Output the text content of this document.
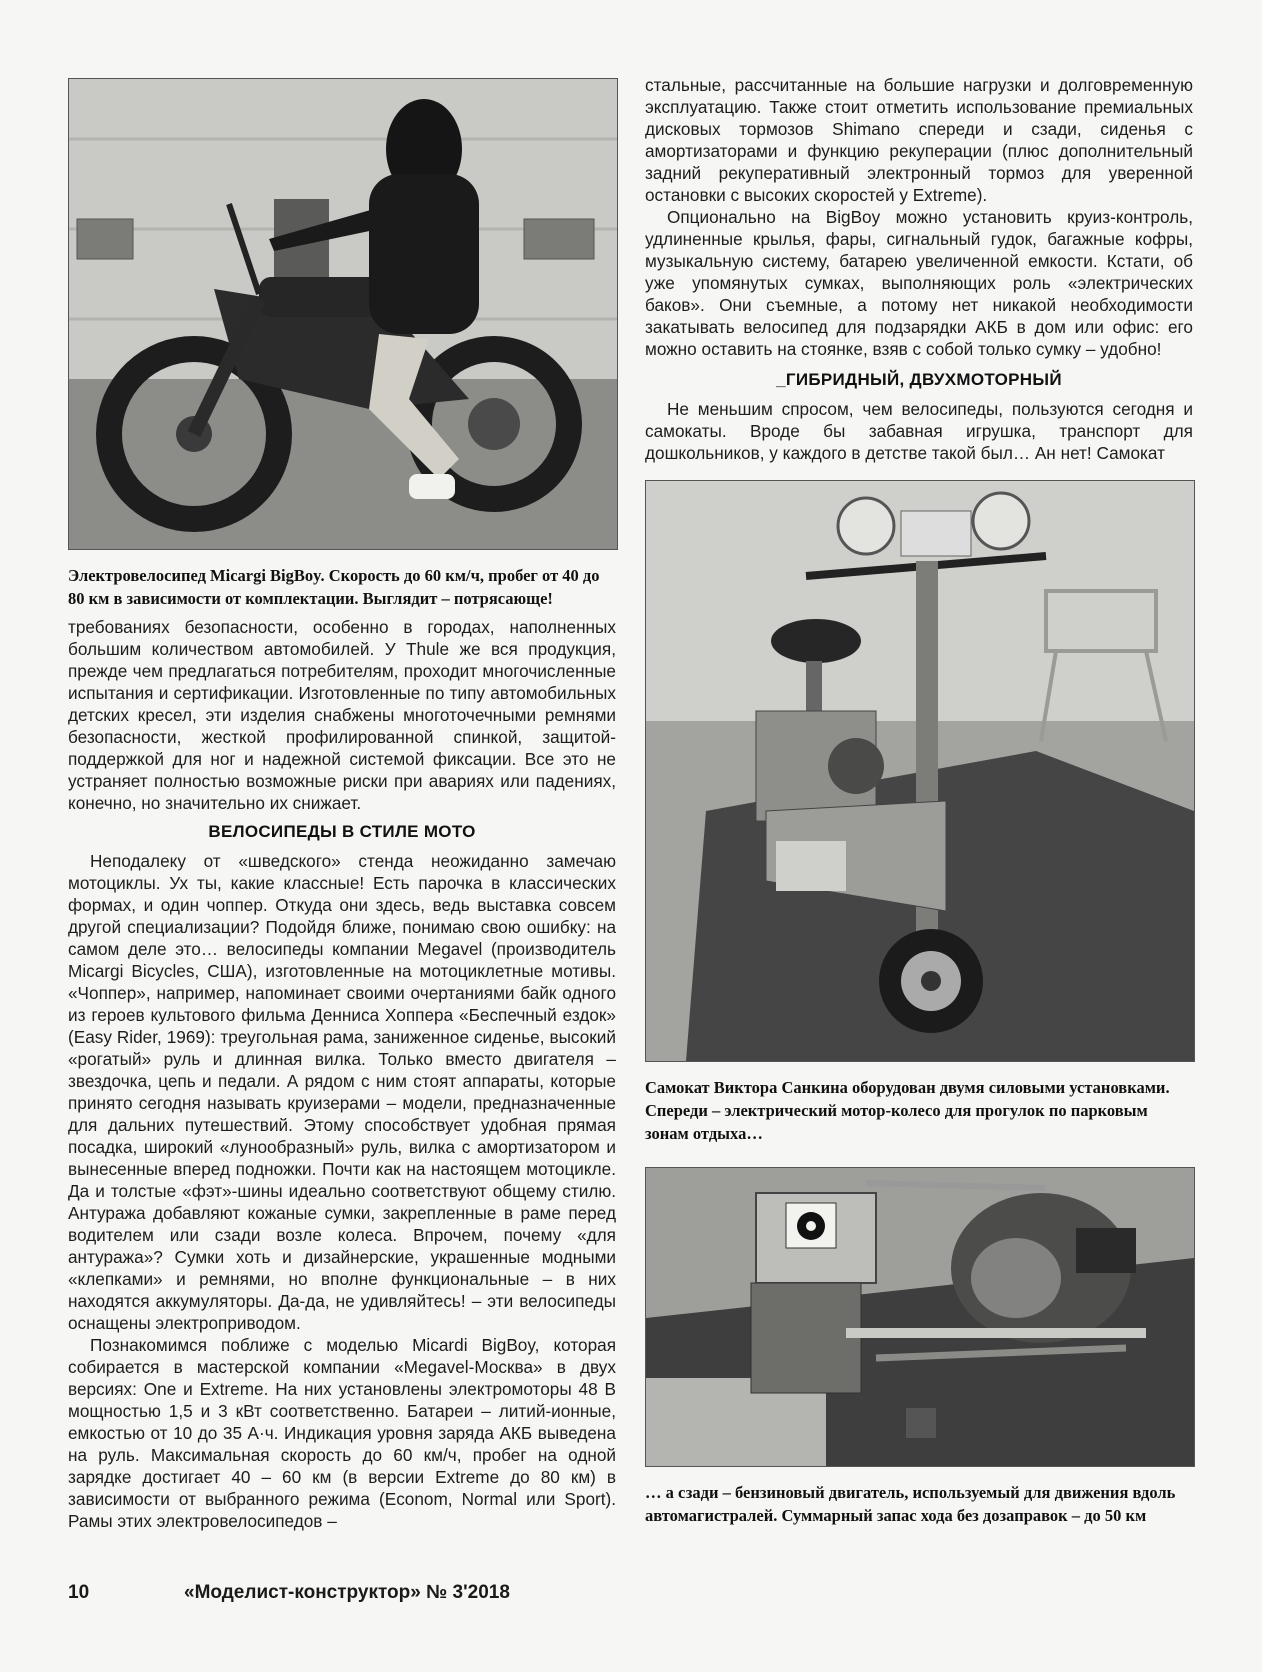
Электровелосипед Micargi BigBoy. Скорость до 60 км/ч, пробег от 40 до 80 км в зависимости от комплектации. Выглядит – потрясающе!

требованиях безопасности, особенно в городах, наполненных большим количеством автомобилей. У Thule же вся продукция, прежде чем предлагаться потребителям, проходит многочисленные испытания и сертификации. Изготовленные по типу автомобильных детских кресел, эти изделия снабжены многоточечными ремнями безопасности, жесткой профилированной спинкой, защитой-поддержкой для ног и надежной системой фиксации. Все это не устраняет полностью возможные риски при авариях или падениях, конечно, но значительно их снижает.

ВЕЛОСИПЕДЫ В СТИЛЕ МОТО

Неподалеку от «шведского» стенда неожиданно замечаю мотоциклы. Ух ты, какие классные! Есть парочка в классических формах, и один чоппер. Откуда они здесь, ведь выставка совсем другой специализации? Подойдя ближе, понимаю свою ошибку: на самом деле это… велосипеды компании Megavel (производитель Micargi Bicycles, США), изготовленные на мотоциклетные мотивы. «Чоппер», например, напоминает своими очертаниями байк одного из героев культового фильма Денниса Хоппера «Беспечный ездок» (Easy Rider, 1969): треугольная рама, заниженное сиденье, высокий «рогатый» руль и длинная вилка. Только вместо двигателя – звездочка, цепь и педали. А рядом с ним стоят аппараты, которые принято сегодня называть круизерами – модели, предназначенные для дальних путешествий. Этому способствует удобная прямая посадка, широкий «лунообразный» руль, вилка с амортизатором и вынесенные вперед подножки. Почти как на настоящем мотоцикле. Да и толстые «фэт»-шины идеально соответствуют общему стилю. Антуража добавляют кожаные сумки, закрепленные в раме перед водителем или сзади возле колеса. Впрочем, почему «для антуража»? Сумки хоть и дизайнерские, украшенные модными «клепками» и ремнями, но вполне функциональные – в них находятся аккумуляторы. Да-да, не удивляйтесь! – эти велосипеды оснащены электроприводом.

Познакомимся поближе с моделью Micardi BigBoy, которая собирается в мастерской компании «Megavel-Москва» в двух версиях: One и Extreme. На них установлены электромоторы 48 В мощностью 1,5 и 3 кВт соответственно. Батареи – литий-ионные, емкостью от 10 до 35 А·ч. Индикация уровня заряда АКБ выведена на руль. Максимальная скорость до 60 км/ч, пробег на одной зарядке достигает 40 – 60 км (в версии Extreme до 80 км) в зависимости от выбранного режима (Econom, Normal или Sport). Рамы этих электровелосипедов –

стальные, рассчитанные на большие нагрузки и долговременную эксплуатацию. Также стоит отметить использование премиальных дисковых тормозов Shimano спереди и сзади, сиденья с амортизаторами и функцию рекуперации (плюс дополнительный задний рекуперативный электронный тормоз для уверенной остановки с высоких скоростей у Extreme).

Опционально на BigBoy можно установить круиз-контроль, удлиненные крылья, фары, сигнальный гудок, багажные кофры, музыкальную систему, батарею увеличенной емкости. Кстати, об уже упомянутых сумках, выполняющих роль «электрических баков». Они съемные, а потому нет никакой необходимости закатывать велосипед для подзарядки АКБ в дом или офис: его можно оставить на стоянке, взяв с собой только сумку – удобно!

_ГИБРИДНЫЙ, ДВУХМОТОРНЫЙ

Не меньшим спросом, чем велосипеды, пользуются сегодня и самокаты. Вроде бы забавная игрушка, транспорт для дошкольников, у каждого в детстве такой был… Ан нет! Самокат

Самокат Виктора Санкина оборудован двумя силовыми установками. Спереди – электрический мотор-колесо для прогулок по парковым зонам отдыха…

… а сзади – бензиновый двигатель, используемый для движения вдоль автомагистралей. Суммарный запас хода без дозаправок – до 50 км

10	«Моделист-конструктор» № 3'2018
